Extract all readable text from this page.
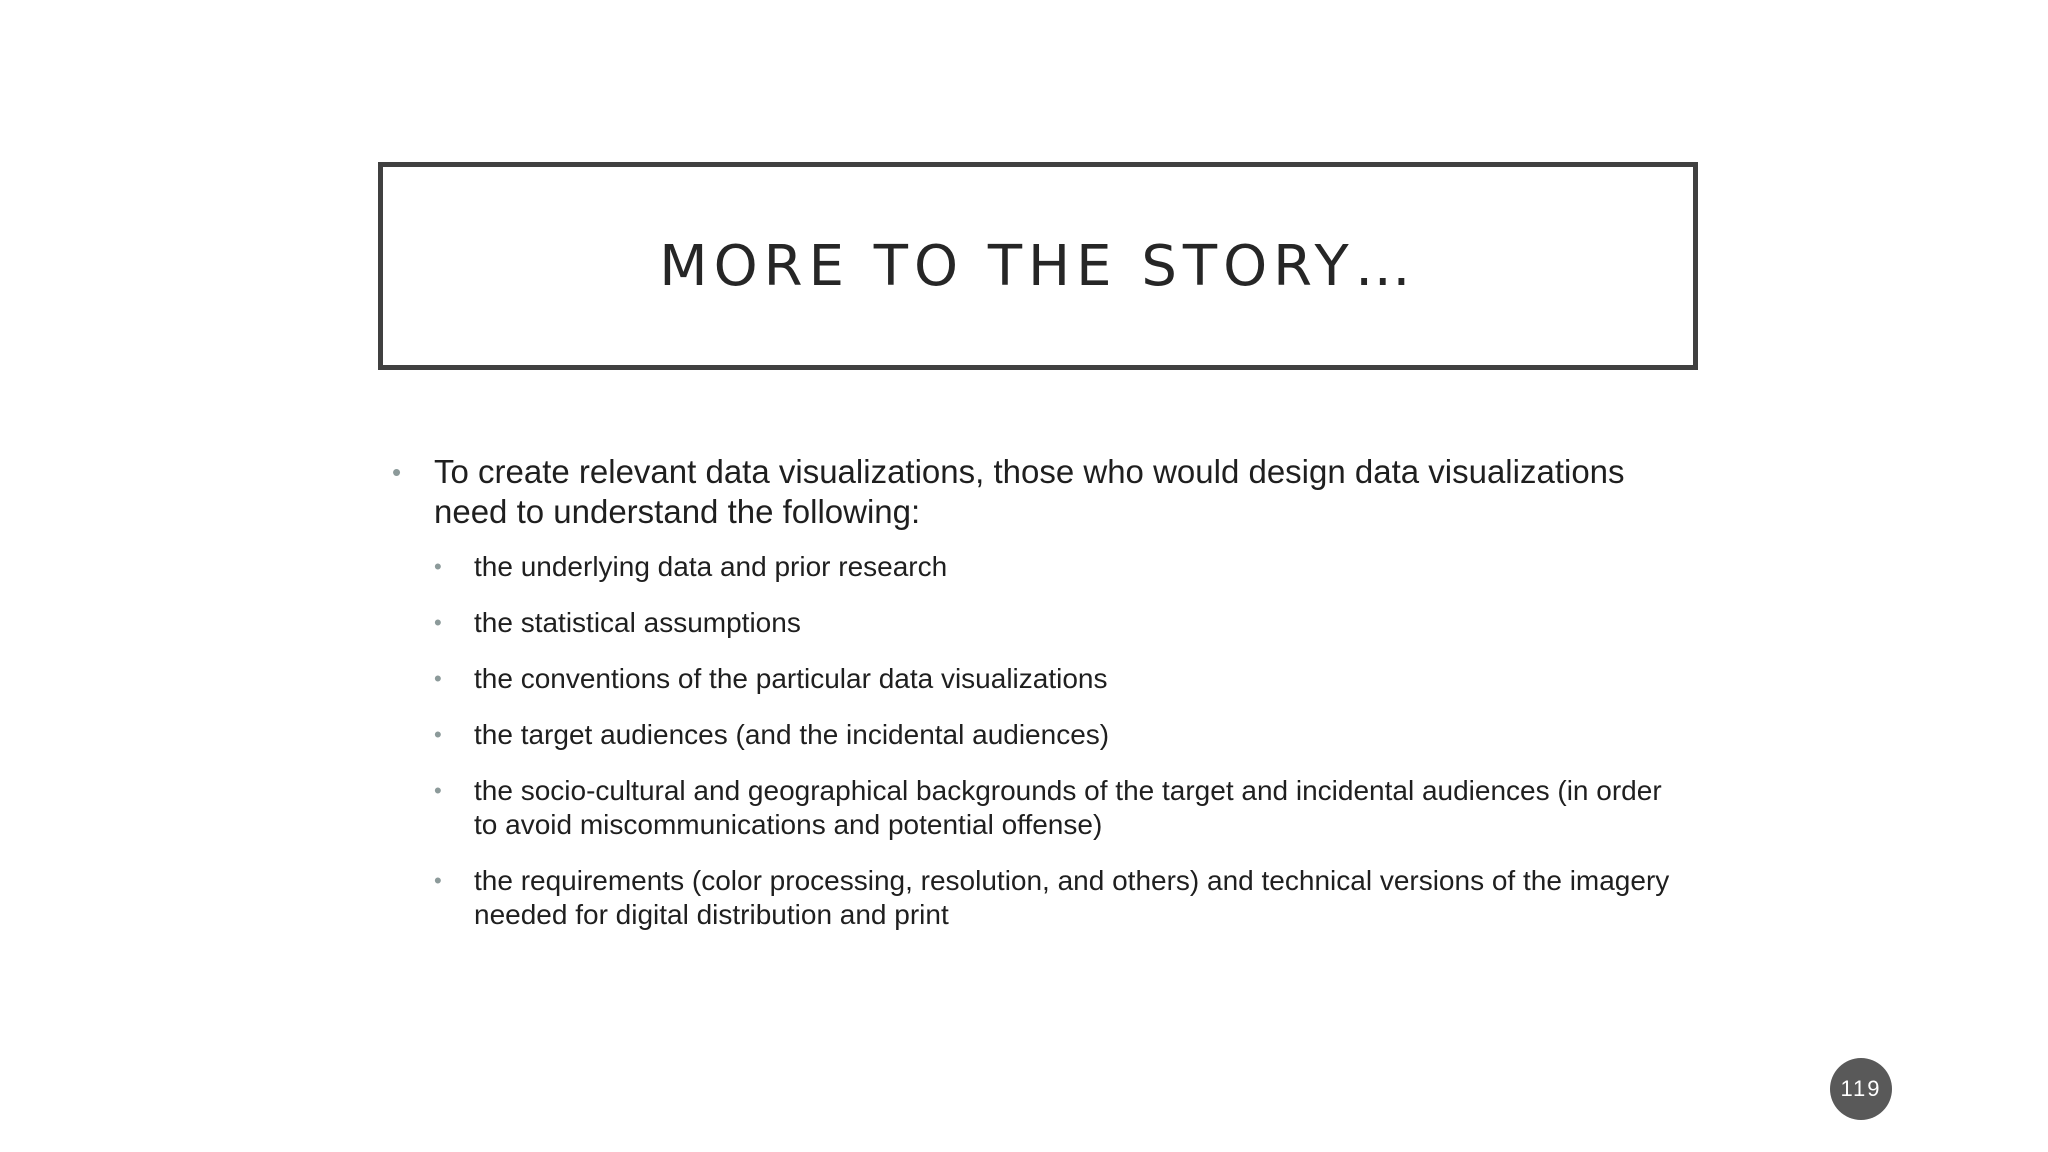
MORE TO THE STORY…
• To create relevant data visualizations, those who would design data visualizations need to understand the following:
•	the underlying data and prior research
•	the statistical assumptions
•	the conventions of the particular data visualizations
•	the target audiences (and the incidental audiences)
•	the socio-cultural and geographical backgrounds of the target and incidental audiences (in order to avoid miscommunications and potential offense)
•	the requirements (color processing, resolution, and others) and technical versions of the imagery needed for digital distribution and print
119
